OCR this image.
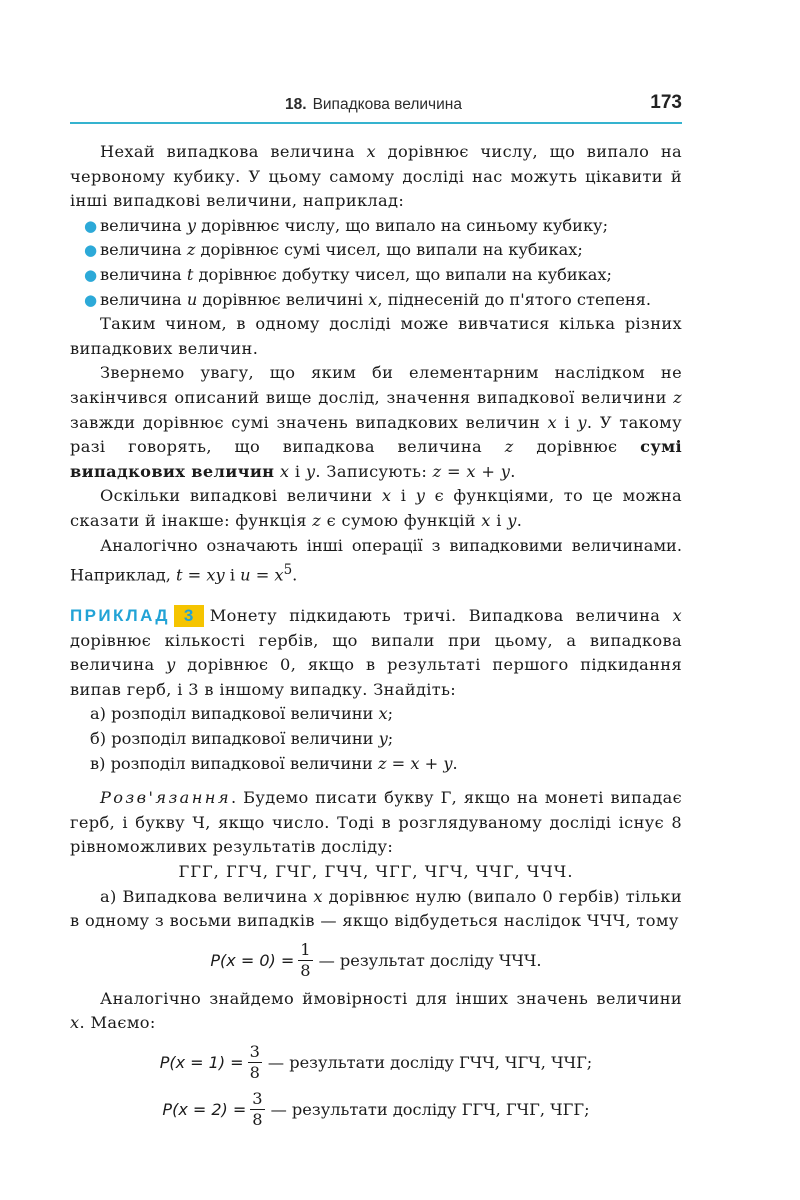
18. Випадкова величина	173

Нехай випадкова величина x дорівнює числу, що випало на червоному кубику. У цьому самому досліді нас можуть цікавити й інші випадкові величини, наприклад:

● величина y дорівнює числу, що випало на синьому кубику;
● величина z дорівнює сумі чисел, що випали на кубиках;
● величина t дорівнює добутку чисел, що випали на кубиках;
● величина u дорівнює величині x, піднесеній до п'ятого степеня.

Таким чином, в одному досліді може вивчатися кілька різних випадкових величин.

Звернемо увагу, що яким би елементарним наслідком не закінчився описаний вище дослід, значення випадкової величини z завжди дорівнює сумі значень випадкових величин x і y. У такому разі говорять, що випадкова величина z дорівнює сумі випадкових величин x і y. Записують: z = x + y.

Оскільки випадкові величини x і y є функціями, то це можна сказати й інакше: функція z є сумою функцій x і y.

Аналогічно означають інші операції з випадковими величинами. Наприклад, t = xy і $u = x^5$.

ПРИКЛАД 3 Монету підкидають тричі. Випадкова величина x дорівнює кількості гербів, що випали при цьому, а випадкова величина y дорівнює 0, якщо в результаті першого підкидання випав герб, і 3 в іншому випадку. Знайдіть:

а) розподіл випадкової величини x;

б) розподіл випадкової величини y;

в) розподіл випадкової величини z = x + y.

Розв'язання. Будемо писати букву Г, якщо на монеті випадає герб, і букву Ч, якщо число. Тоді в розглядуваному досліді існує 8 рівноможливих результатів досліду:

ГГГ, ГГЧ, ГЧГ, ГЧЧ, ЧГГ, ЧГЧ, ЧЧГ, ЧЧЧ.

а) Випадкова величина x дорівнює нулю (випало 0 гербів) тільки в одному з восьми випадків — якщо відбудеться наслідок ЧЧЧ, тому

$P(x = 0) = \frac{1}{8}$ — результат досліду ЧЧЧ.

Аналогічно знайдемо ймовірності для інших значень величини x. Маємо:

$P(x = 1) = \frac{3}{8}$ — результати досліду ГЧЧ, ЧГЧ, ЧЧГ;
$P(x = 2) = \frac{3}{8}$ — результати досліду ГГЧ, ГЧГ, ЧГГ;
